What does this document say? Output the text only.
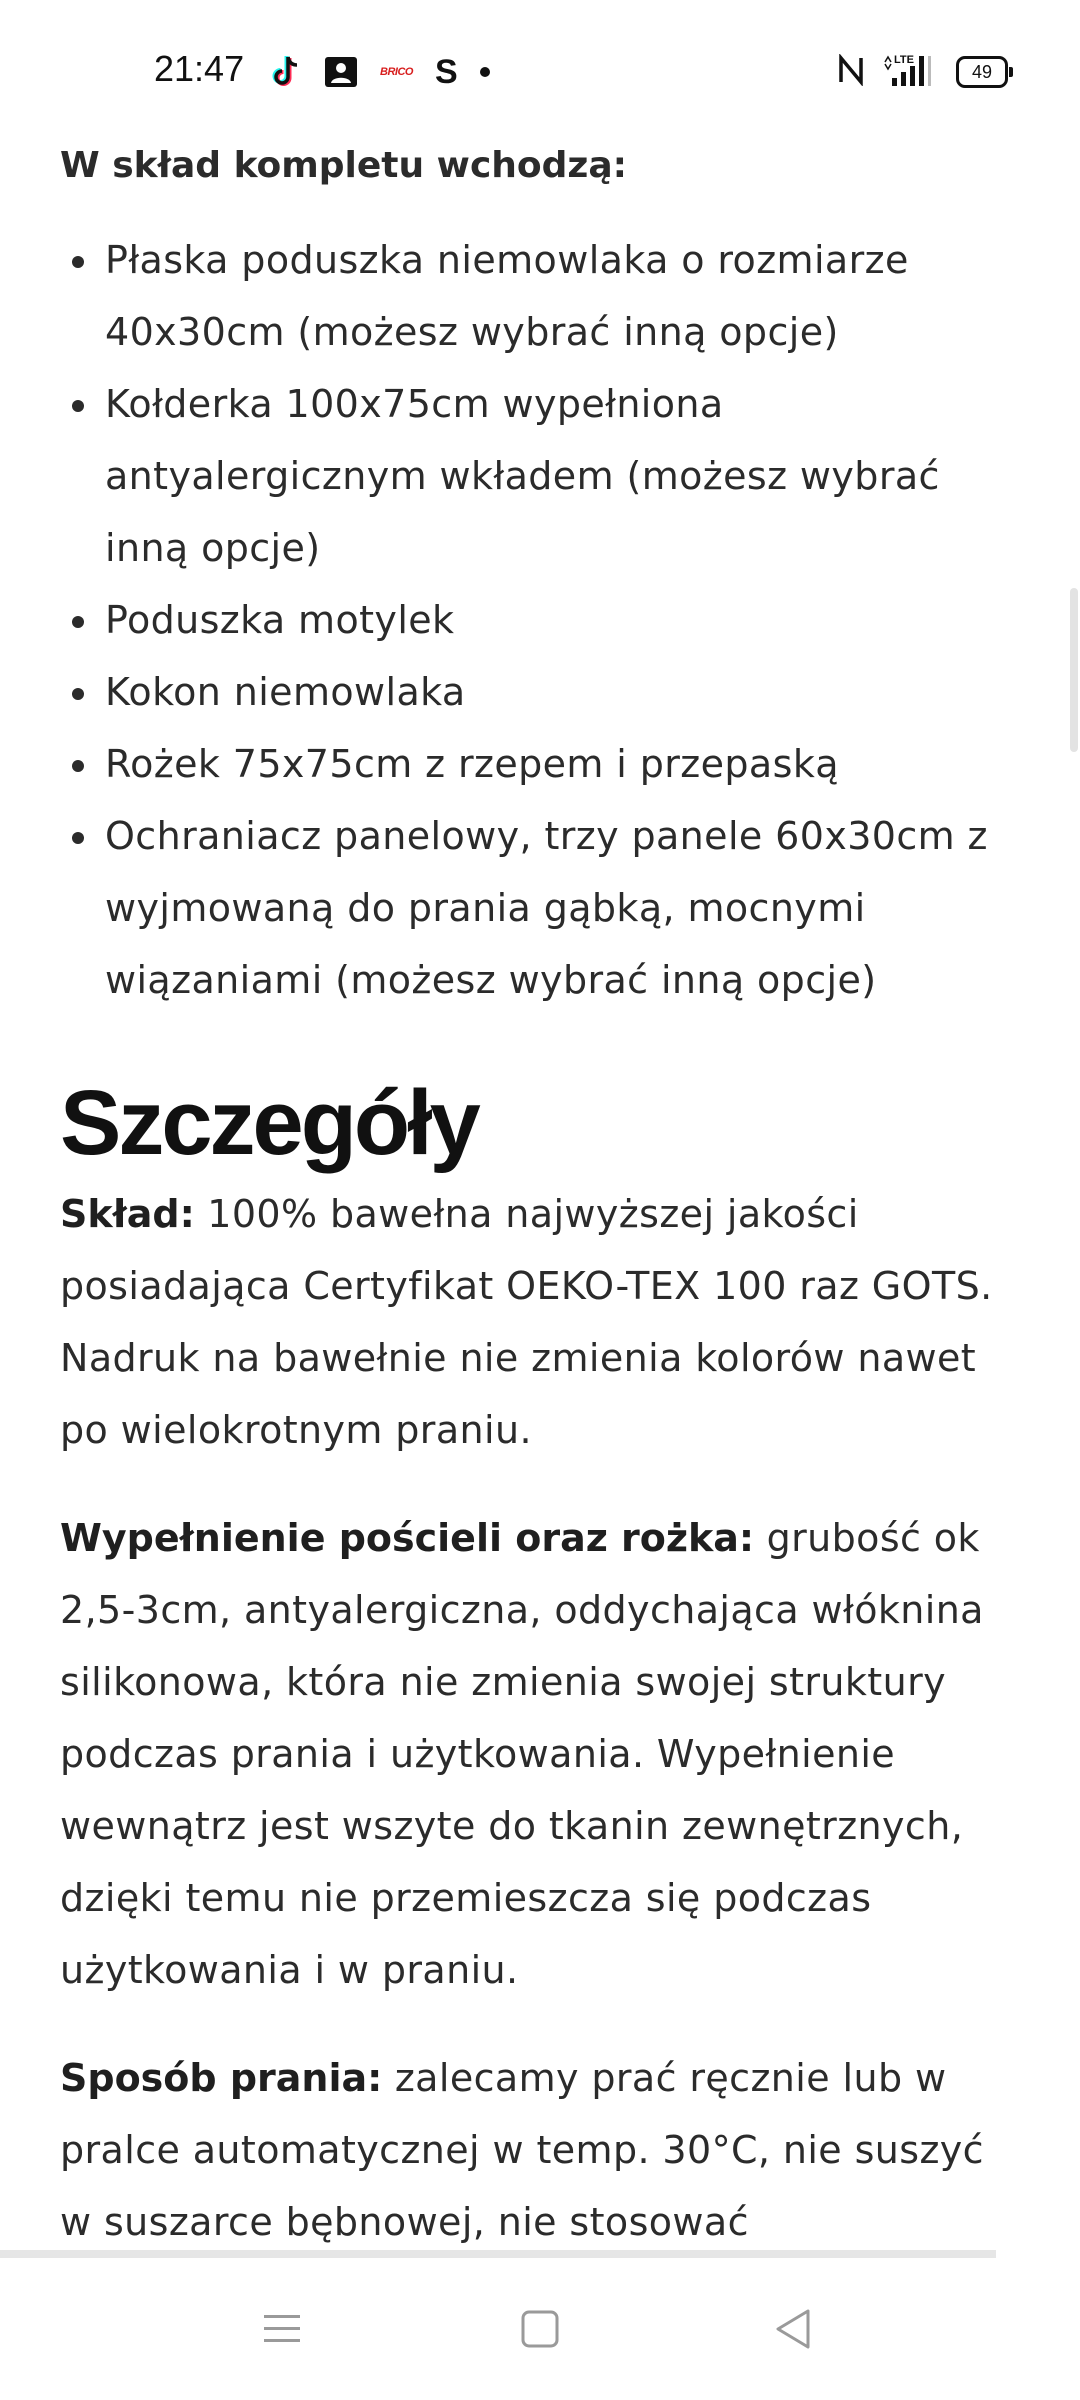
21:47	BRICO S	LTE
49
W skład kompletu wchodzą:
Płaska poduszka niemowlaka o rozmiarze 40x30cm (możesz wybrać inną opcje)
Kołderka 100x75cm wypełniona antyalergicznym wkładem (możesz wybrać inną opcje)
Poduszka motylek
Kokon niemowlaka
Rożek 75x75cm z rzepem i przepaską
Ochraniacz panelowy, trzy panele 60x30cm z wyjmowaną do prania gąbką, mocnymi wiązaniami (możesz wybrać inną opcje)
Szczegóły

Skład: 100% bawełna najwyższej jakości posiadająca Certyfikat OEKO-TEX 100 raz GOTS. Nadruk na bawełnie nie zmienia kolorów nawet po wielokrotnym praniu.

Wypełnienie pościeli oraz rożka: grubość ok 2,5-3cm, antyalergiczna, oddychająca włóknina silikonowa, która nie zmienia swojej struktury podczas prania i użytkowania. Wypełnienie wewnątrz jest wszyte do tkanin zewnętrznych, dzięki temu nie przemieszcza się podczas użytkowania i w praniu.

Sposób prania: zalecamy prać ręcznie lub w pralce automatycznej w temp. 30°C, nie suszyć w suszarce bębnowej, nie stosować
